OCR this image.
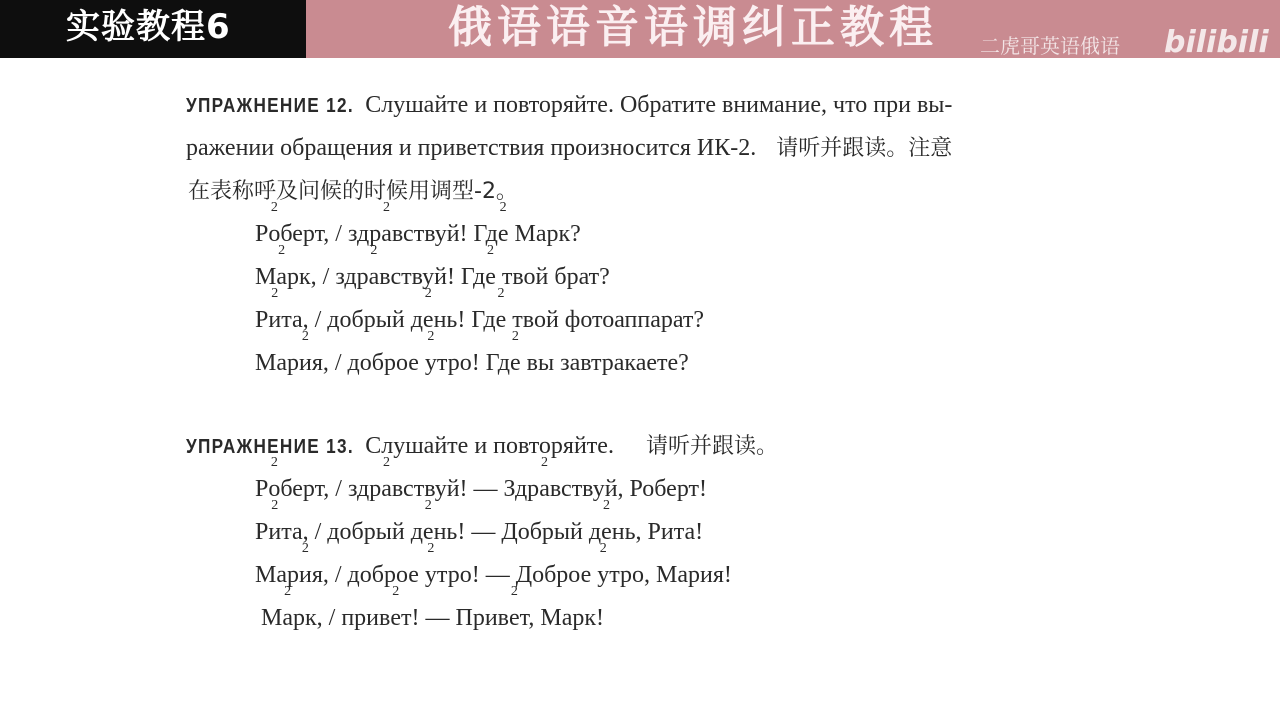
实验教程6	俄语语音语调纠正教程 二虎哥英语俄语 bilibili

УПРАЖНЕНИЕ 12. Слушайте и повторяйте. Обратите внимание, что при вы-

ражении обращения и приветствия произносится ИК-2. 请听并跟读。注意

在表称呼及问候的时候用调型-2。

Р2 оберт, / здр2 авствуй! Гд2 е Марк?
М2 арк, / здр2 авствуй! Гд2 е твой брат?
Р2 ита, / добрый д2 ень! Гд2 е твой фотоаппарат?
Мар2 ия, / доброе 2 утро! Гд2 е вы завтракаете?

УПРАЖНЕНИЕ 13. Слушайте и повторяйте. 请听并跟读。

Р2 оберт, / здр2 авствуй! — Здр2 авствуй, Роберт!
Р2 ита, / добрый д2 ень! — Добрый д2 ень, Рита!
Мар2 ия, / доброе 2 утро! — Доброе 2 утро, Мария!
М2 арк, / прив2 ет! — Прив2 ет, Марк!
